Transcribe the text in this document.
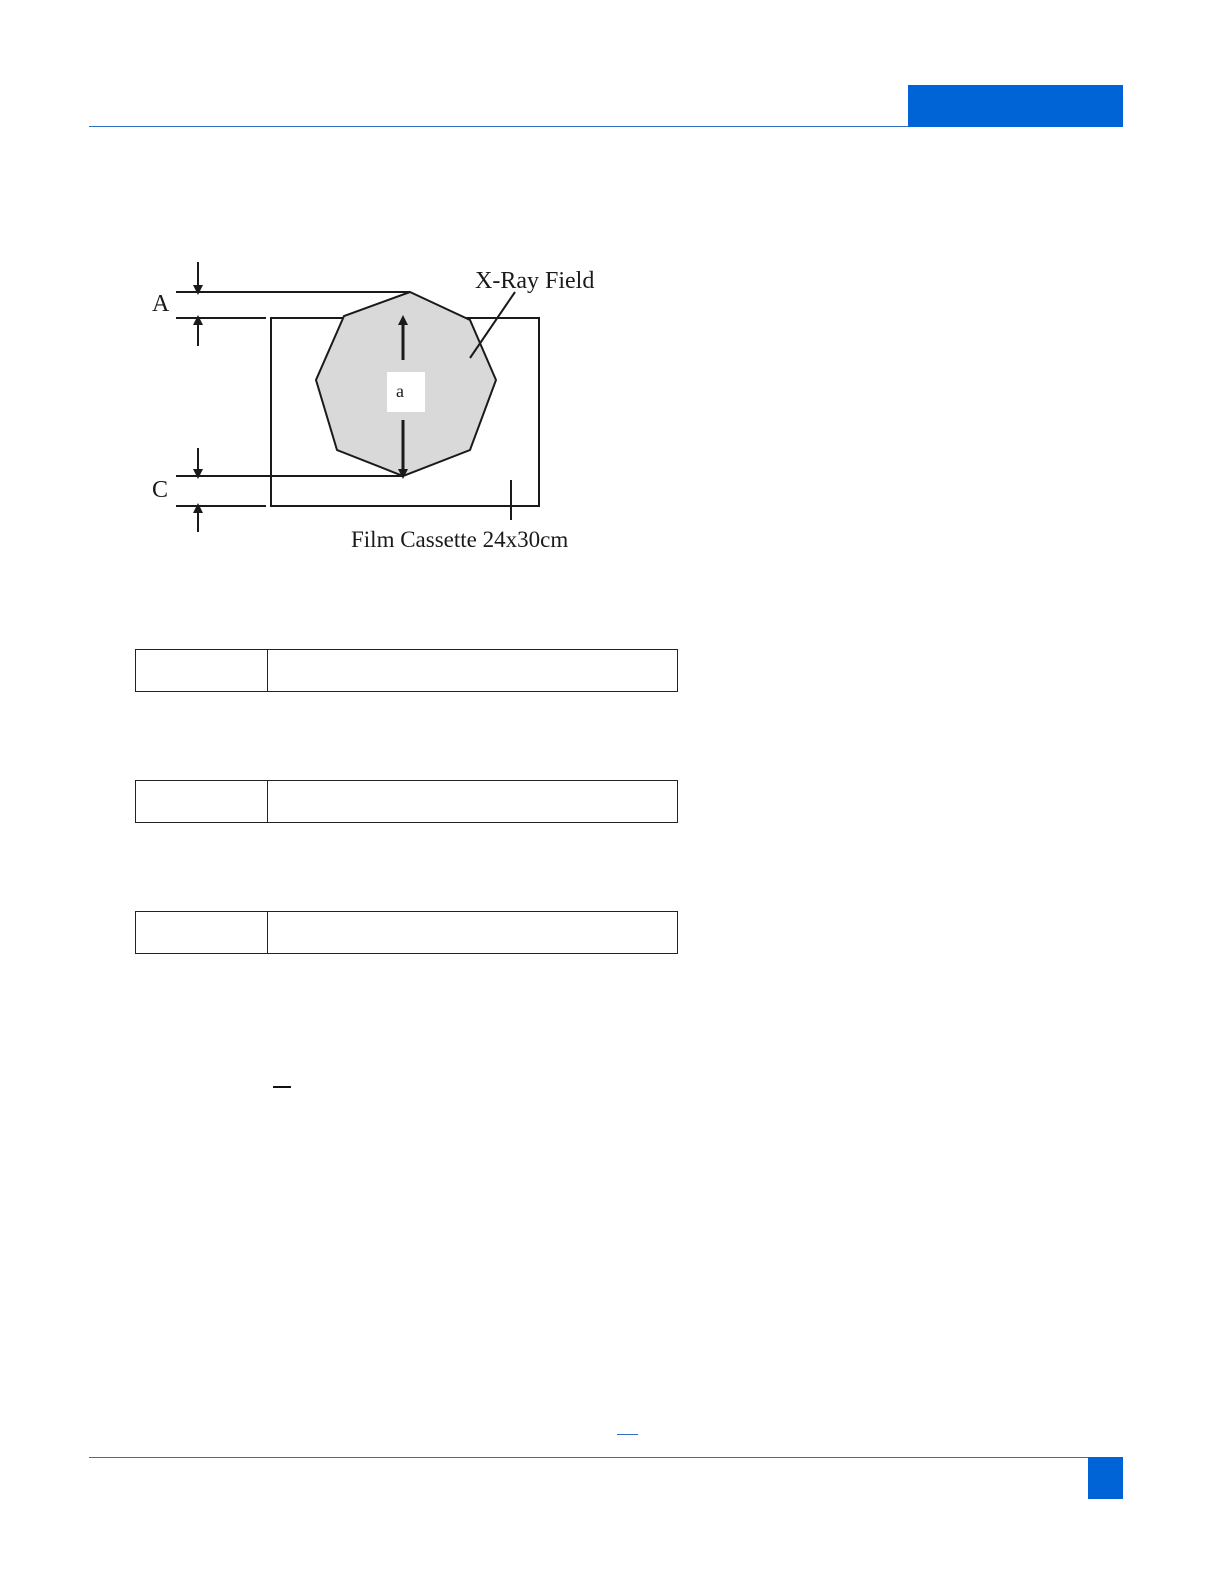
A
C
a
X-Ray Field
Film Cassette 24x30cm
